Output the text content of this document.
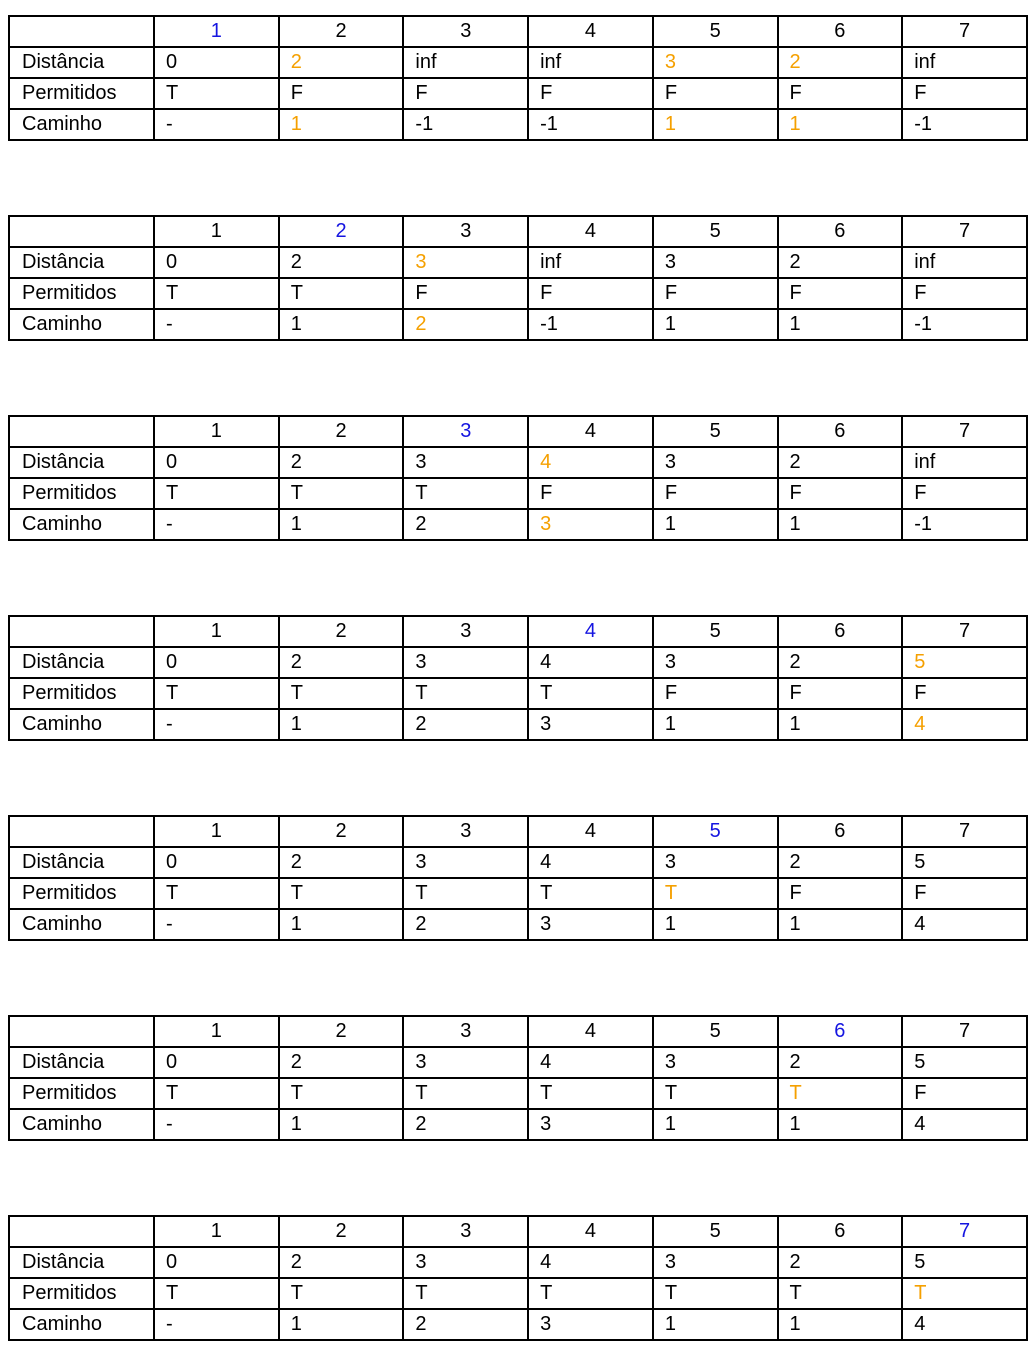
	1	2	3	4	5	6	7
Distância	0	2	inf	inf	3	2	inf
Permitidos	T	F	F	F	F	F	F
Caminho	-	1	-1	-1	1	1	-1
	1	2	3	4	5	6	7
Distância	0	2	3	inf	3	2	inf
Permitidos	T	T	F	F	F	F	F
Caminho	-	1	2	-1	1	1	-1
	1	2	3	4	5	6	7
Distância	0	2	3	4	3	2	inf
Permitidos	T	T	T	F	F	F	F
Caminho	-	1	2	3	1	1	-1
	1	2	3	4	5	6	7
Distância	0	2	3	4	3	2	5
Permitidos	T	T	T	T	F	F	F
Caminho	-	1	2	3	1	1	4
	1	2	3	4	5	6	7
Distância	0	2	3	4	3	2	5
Permitidos	T	T	T	T	T	F	F
Caminho	-	1	2	3	1	1	4
	1	2	3	4	5	6	7
Distância	0	2	3	4	3	2	5
Permitidos	T	T	T	T	T	T	F
Caminho	-	1	2	3	1	1	4
	1	2	3	4	5	6	7
Distância	0	2	3	4	3	2	5
Permitidos	T	T	T	T	T	T	T
Caminho	-	1	2	3	1	1	4
